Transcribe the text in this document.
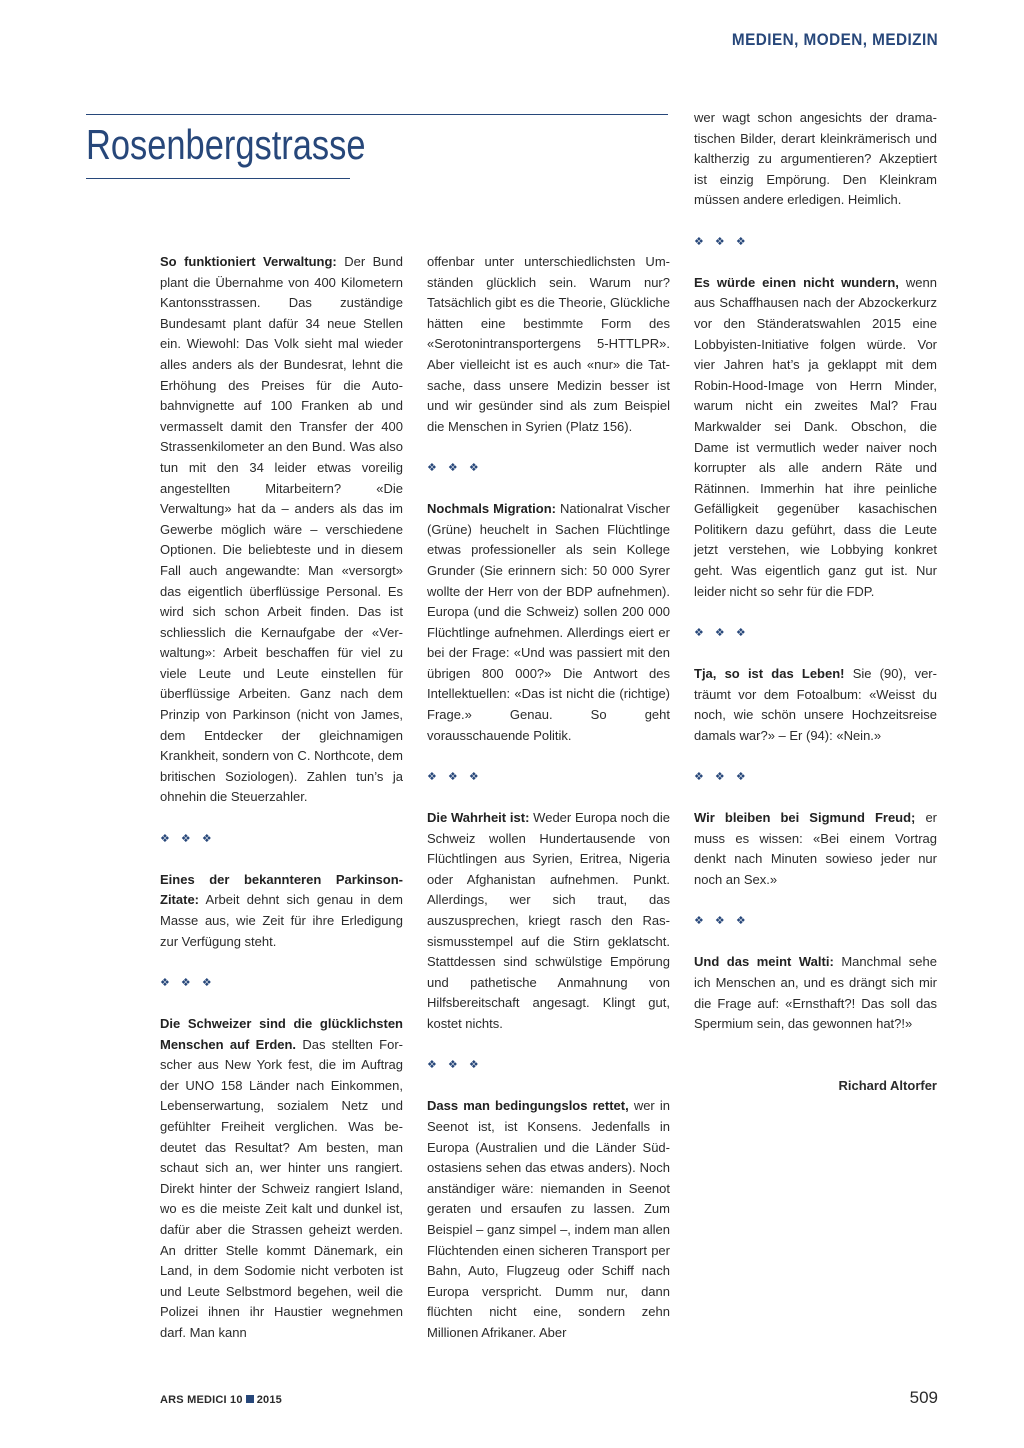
MEDIEN, MODEN, MEDIZIN
Rosenbergstrasse

So funktioniert Verwaltung: Der Bund plant die Übernahme von 400 Kilometern Kantonsstrassen. Das zuständige Bundesamt plant dafür 34 neue Stellen ein. Wiewohl: Das Volk sieht mal wieder alles anders als der Bundesrat, lehnt die Erhöhung des Preises für die Autobahnvignette auf 100 Franken ab und vermasselt damit den Transfer der 400 Strassenkilometer an den Bund. Was also tun mit den 34 leider etwas voreilig angestellten Mitarbeitern? «Die Verwaltung» hat da – anders als das im Gewerbe möglich wäre – verschiedene Optionen. Die beliebteste und in diesem Fall auch angewandte: Man «versorgt» das eigentlich überflüssige Personal. Es wird sich schon Arbeit finden. Das ist schliesslich die Kernaufgabe der «Verwaltung»: Arbeit beschaffen für viel zu viele Leute und Leute einstellen für überflüssige Arbeiten. Ganz nach dem Prinzip von Parkinson (nicht von James, dem Entdecker der gleichnamigen Krankheit, sondern von C. Northcote, dem britischen Soziologen). Zahlen tun’s ja ohnehin die Steuerzahler.

❖ ❖ ❖

Eines der bekannteren Parkinson-Zitate: Arbeit dehnt sich genau in dem Masse aus, wie Zeit für ihre Erledigung zur Verfügung steht.

❖ ❖ ❖

Die Schweizer sind die glücklichsten Menschen auf Erden. Das stellten Forscher aus New York fest, die im Auftrag der UNO 158 Länder nach Einkommen, Lebenserwartung, sozialem Netz und gefühlter Freiheit verglichen. Was bedeutet das Resultat? Am besten, man schaut sich an, wer hinter uns rangiert. Direkt hinter der Schweiz rangiert Island, wo es die meiste Zeit kalt und dunkel ist, dafür aber die Strassen geheizt werden. An dritter Stelle kommt Dänemark, ein Land, in dem Sodomie nicht verboten ist und Leute Selbstmord begehen, weil die Polizei ihnen ihr Haustier wegnehmen darf. Man kann

offenbar unter unterschiedlichsten Umständen glücklich sein. Warum nur? Tatsächlich gibt es die Theorie, Glückliche hätten eine bestimmte Form des «Serotonintransportergens 5-HTTLPR». Aber vielleicht ist es auch «nur» die Tatsache, dass unsere Medizin besser ist und wir gesünder sind als zum Beispiel die Menschen in Syrien (Platz 156).

❖ ❖ ❖

Nochmals Migration: Nationalrat Vischer (Grüne) heuchelt in Sachen Flüchtlinge etwas professioneller als sein Kollege Grunder (Sie erinnern sich: 50 000 Syrer wollte der Herr von der BDP aufnehmen). Europa (und die Schweiz) sollen 200 000 Flüchtlinge aufnehmen. Allerdings eiert er bei der Frage: «Und was passiert mit den übrigen 800 000?» Die Antwort des Intellektuellen: «Das ist nicht die (richtige) Frage.» Genau. So geht vorausschauende Politik.

❖ ❖ ❖

Die Wahrheit ist: Weder Europa noch die Schweiz wollen Hundertausende von Flüchtlingen aus Syrien, Eritrea, Nigeria oder Afghanistan aufnehmen. Punkt. Allerdings, wer sich traut, das auszusprechen, kriegt rasch den Rassismusstempel auf die Stirn geklatscht. Stattdessen sind schwülstige Empörung und pathetische Anmahnung von Hilfsbereitschaft angesagt. Klingt gut, kostet nichts.

❖ ❖ ❖

Dass man bedingungslos rettet, wer in Seenot ist, ist Konsens. Jedenfalls in Europa (Australien und die Länder Südostasiens sehen das etwas anders). Noch anständiger wäre: niemanden in Seenot geraten und ersaufen zu lassen. Zum Beispiel – ganz simpel –, indem man allen Flüchtenden einen sicheren Transport per Bahn, Auto, Flugzeug oder Schiff nach Europa verspricht. Dumm nur, dann flüchten nicht eine, sondern zehn Millionen Afrikaner. Aber

wer wagt schon angesichts der dramatischen Bilder, derart kleinkrämerisch und kaltherzig zu argumentieren? Akzeptiert ist einzig Empörung. Den Kleinkram müssen andere erledigen. Heimlich.

❖ ❖ ❖

Es würde einen nicht wundern, wenn aus Schaffhausen nach der Abzockerkurz vor den Ständeratswahlen 2015 eine Lobbyisten-Initiative folgen würde. Vor vier Jahren hat’s ja geklappt mit dem Robin-Hood-Image von Herrn Minder, warum nicht ein zweites Mal? Frau Markwalder sei Dank. Obschon, die Dame ist vermutlich weder naiver noch korrupter als alle andern Räte und Rätinnen. Immerhin hat ihre peinliche Gefälligkeit gegenüber kasachischen Politikern dazu geführt, dass die Leute jetzt verstehen, wie Lobbying konkret geht. Was eigentlich ganz gut ist. Nur leider nicht so sehr für die FDP.

❖ ❖ ❖

Tja, so ist das Leben! Sie (90), verträumt vor dem Fotoalbum: «Weisst du noch, wie schön unsere Hochzeitsreise damals war?» – Er (94): «Nein.»

❖ ❖ ❖

Wir bleiben bei Sigmund Freud; er muss es wissen: «Bei einem Vortrag denkt nach Minuten sowieso jeder nur noch an Sex.»

❖ ❖ ❖

Und das meint Walti: Manchmal sehe ich Menschen an, und es drängt sich mir die Frage auf: «Ernsthaft?! Das soll das Spermium sein, das gewonnen hat?!»

Richard Altorfer

ARS MEDICI 10 2015	509
